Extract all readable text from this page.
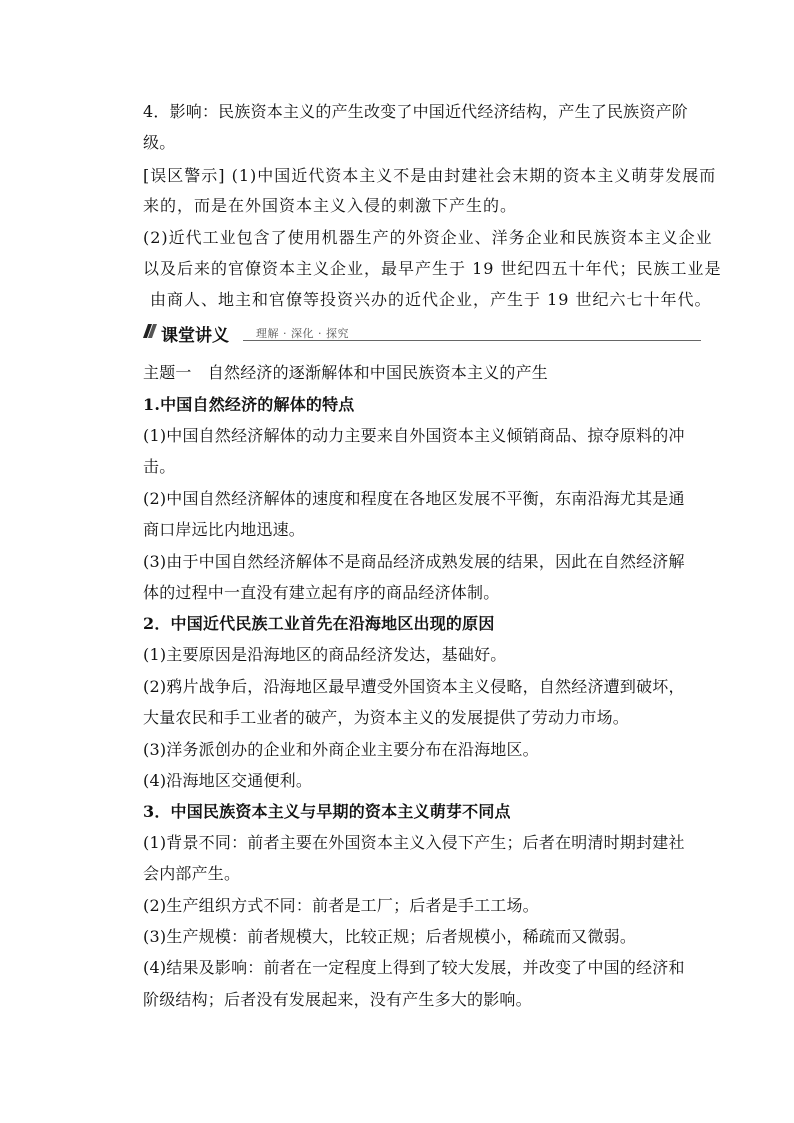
4．影响：民族资本主义的产生改变了中国近代经济结构，产生了民族资产阶
级。
[误区警示] (1)中国近代资本主义不是由封建社会末期的资本主义萌芽发展而
来的，而是在外国资本主义入侵的刺激下产生的。
(2)近代工业包含了使用机器生产的外资企业、洋务企业和民族资本主义企业
以及后来的官僚资本主义企业，最早产生于 19 世纪四五十年代；民族工业是
由商人、地主和官僚等投资兴办的近代企业，产生于 19 世纪六七十年代。
课堂讲义 理解 · 深化 · 探究
主题一　自然经济的逐渐解体和中国民族资本主义的产生
1.中国自然经济的解体的特点
(1)中国自然经济解体的动力主要来自外国资本主义倾销商品、掠夺原料的冲
击。
(2)中国自然经济解体的速度和程度在各地区发展不平衡，东南沿海尤其是通
商口岸远比内地迅速。
(3)由于中国自然经济解体不是商品经济成熟发展的结果，因此在自然经济解
体的过程中一直没有建立起有序的商品经济体制。
2．中国近代民族工业首先在沿海地区出现的原因
(1)主要原因是沿海地区的商品经济发达，基础好。
(2)鸦片战争后，沿海地区最早遭受外国资本主义侵略，自然经济遭到破坏，
大量农民和手工业者的破产，为资本主义的发展提供了劳动力市场。
(3)洋务派创办的企业和外商企业主要分布在沿海地区。
(4)沿海地区交通便利。
3．中国民族资本主义与早期的资本主义萌芽不同点
(1)背景不同：前者主要在外国资本主义入侵下产生；后者在明清时期封建社
会内部产生。
(2)生产组织方式不同：前者是工厂；后者是手工工场。
(3)生产规模：前者规模大，比较正规；后者规模小，稀疏而又微弱。
(4)结果及影响：前者在一定程度上得到了较大发展，并改变了中国的经济和
阶级结构；后者没有发展起来，没有产生多大的影响。
